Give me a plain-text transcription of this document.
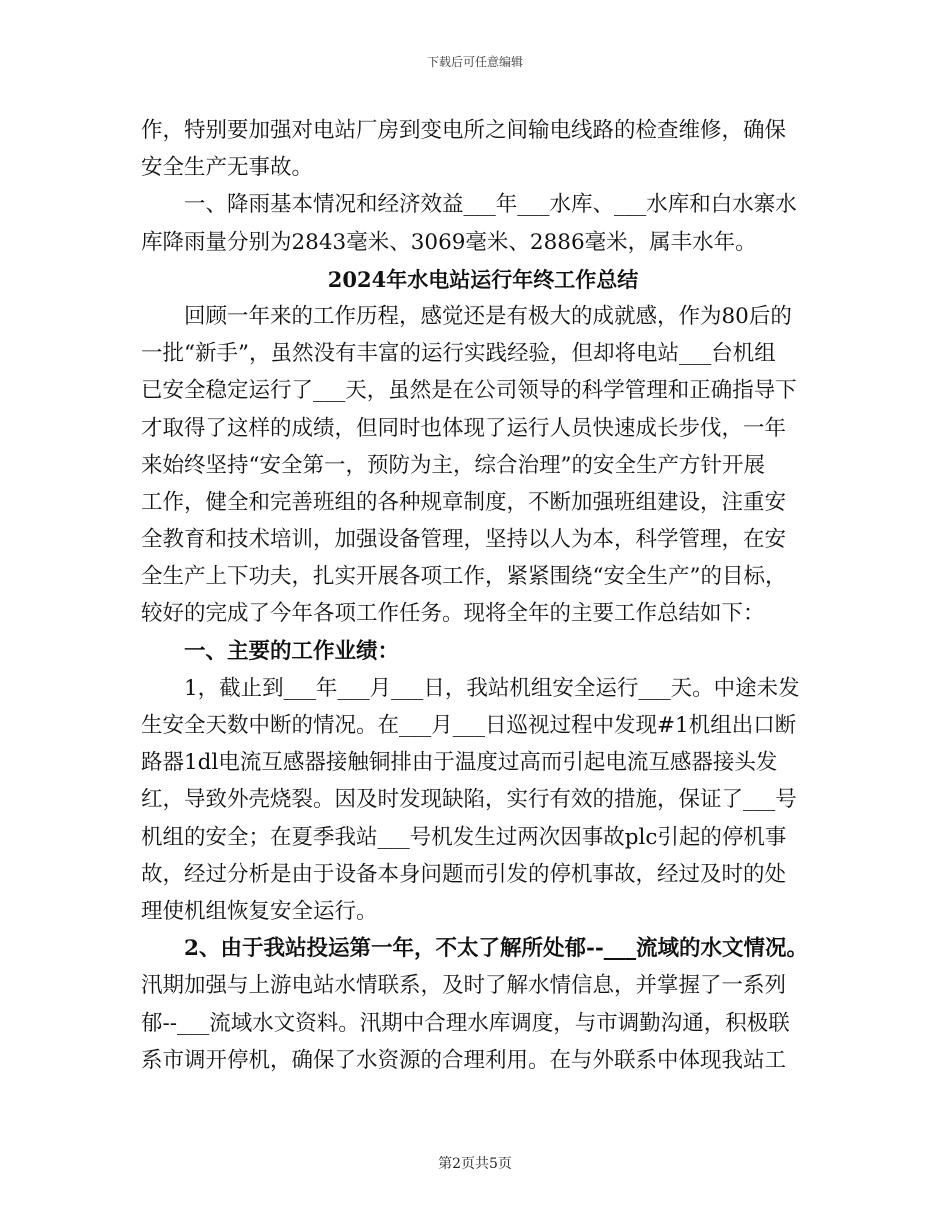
下载后可任意编辑
作，特别要加强对电站厂房到变电所之间输电线路的检查维修，确保
安全生产无事故。
一、降雨基本情况和经济效益___年___水库、___水库和白水寨水
库降雨量分别为2843毫米、3069毫米、2886毫米，属丰水年。
2024年水电站运行年终工作总结
回顾一年来的工作历程，感觉还是有极大的成就感，作为80后的
一批“新手”，虽然没有丰富的运行实践经验，但却将电站___台机组
已安全稳定运行了___天，虽然是在公司领导的科学管理和正确指导下
才取得了这样的成绩，但同时也体现了运行人员快速成长步伐，一年
来始终坚持“安全第一，预防为主，综合治理”的安全生产方针开展
工作，健全和完善班组的各种规章制度，不断加强班组建设，注重安
全教育和技术培训，加强设备管理，坚持以人为本，科学管理，在安
全生产上下功夫，扎实开展各项工作，紧紧围绕“安全生产”的目标，
较好的完成了今年各项工作任务。现将全年的主要工作总结如下：
一、主要的工作业绩：
1，截止到___年___月___日，我站机组安全运行___天。中途未发
生安全天数中断的情况。在___月___日巡视过程中发现#1机组出口断
路器1dl电流互感器接触铜排由于温度过高而引起电流互感器接头发
红，导致外壳烧裂。因及时发现缺陷，实行有效的措施，保证了___号
机组的安全；在夏季我站___号机发生过两次因事故plc引起的停机事
故，经过分析是由于设备本身问题而引发的停机事故，经过及时的处
理使机组恢复安全运行。
2、由于我站投运第一年，不太了解所处郁--___流域的水文情况。
汛期加强与上游电站水情联系，及时了解水情信息，并掌握了一系列
郁--___流域水文资料。汛期中合理水库调度，与市调勤沟通，积极联
系市调开停机，确保了水资源的合理利用。在与外联系中体现我站工
第2页共5页
